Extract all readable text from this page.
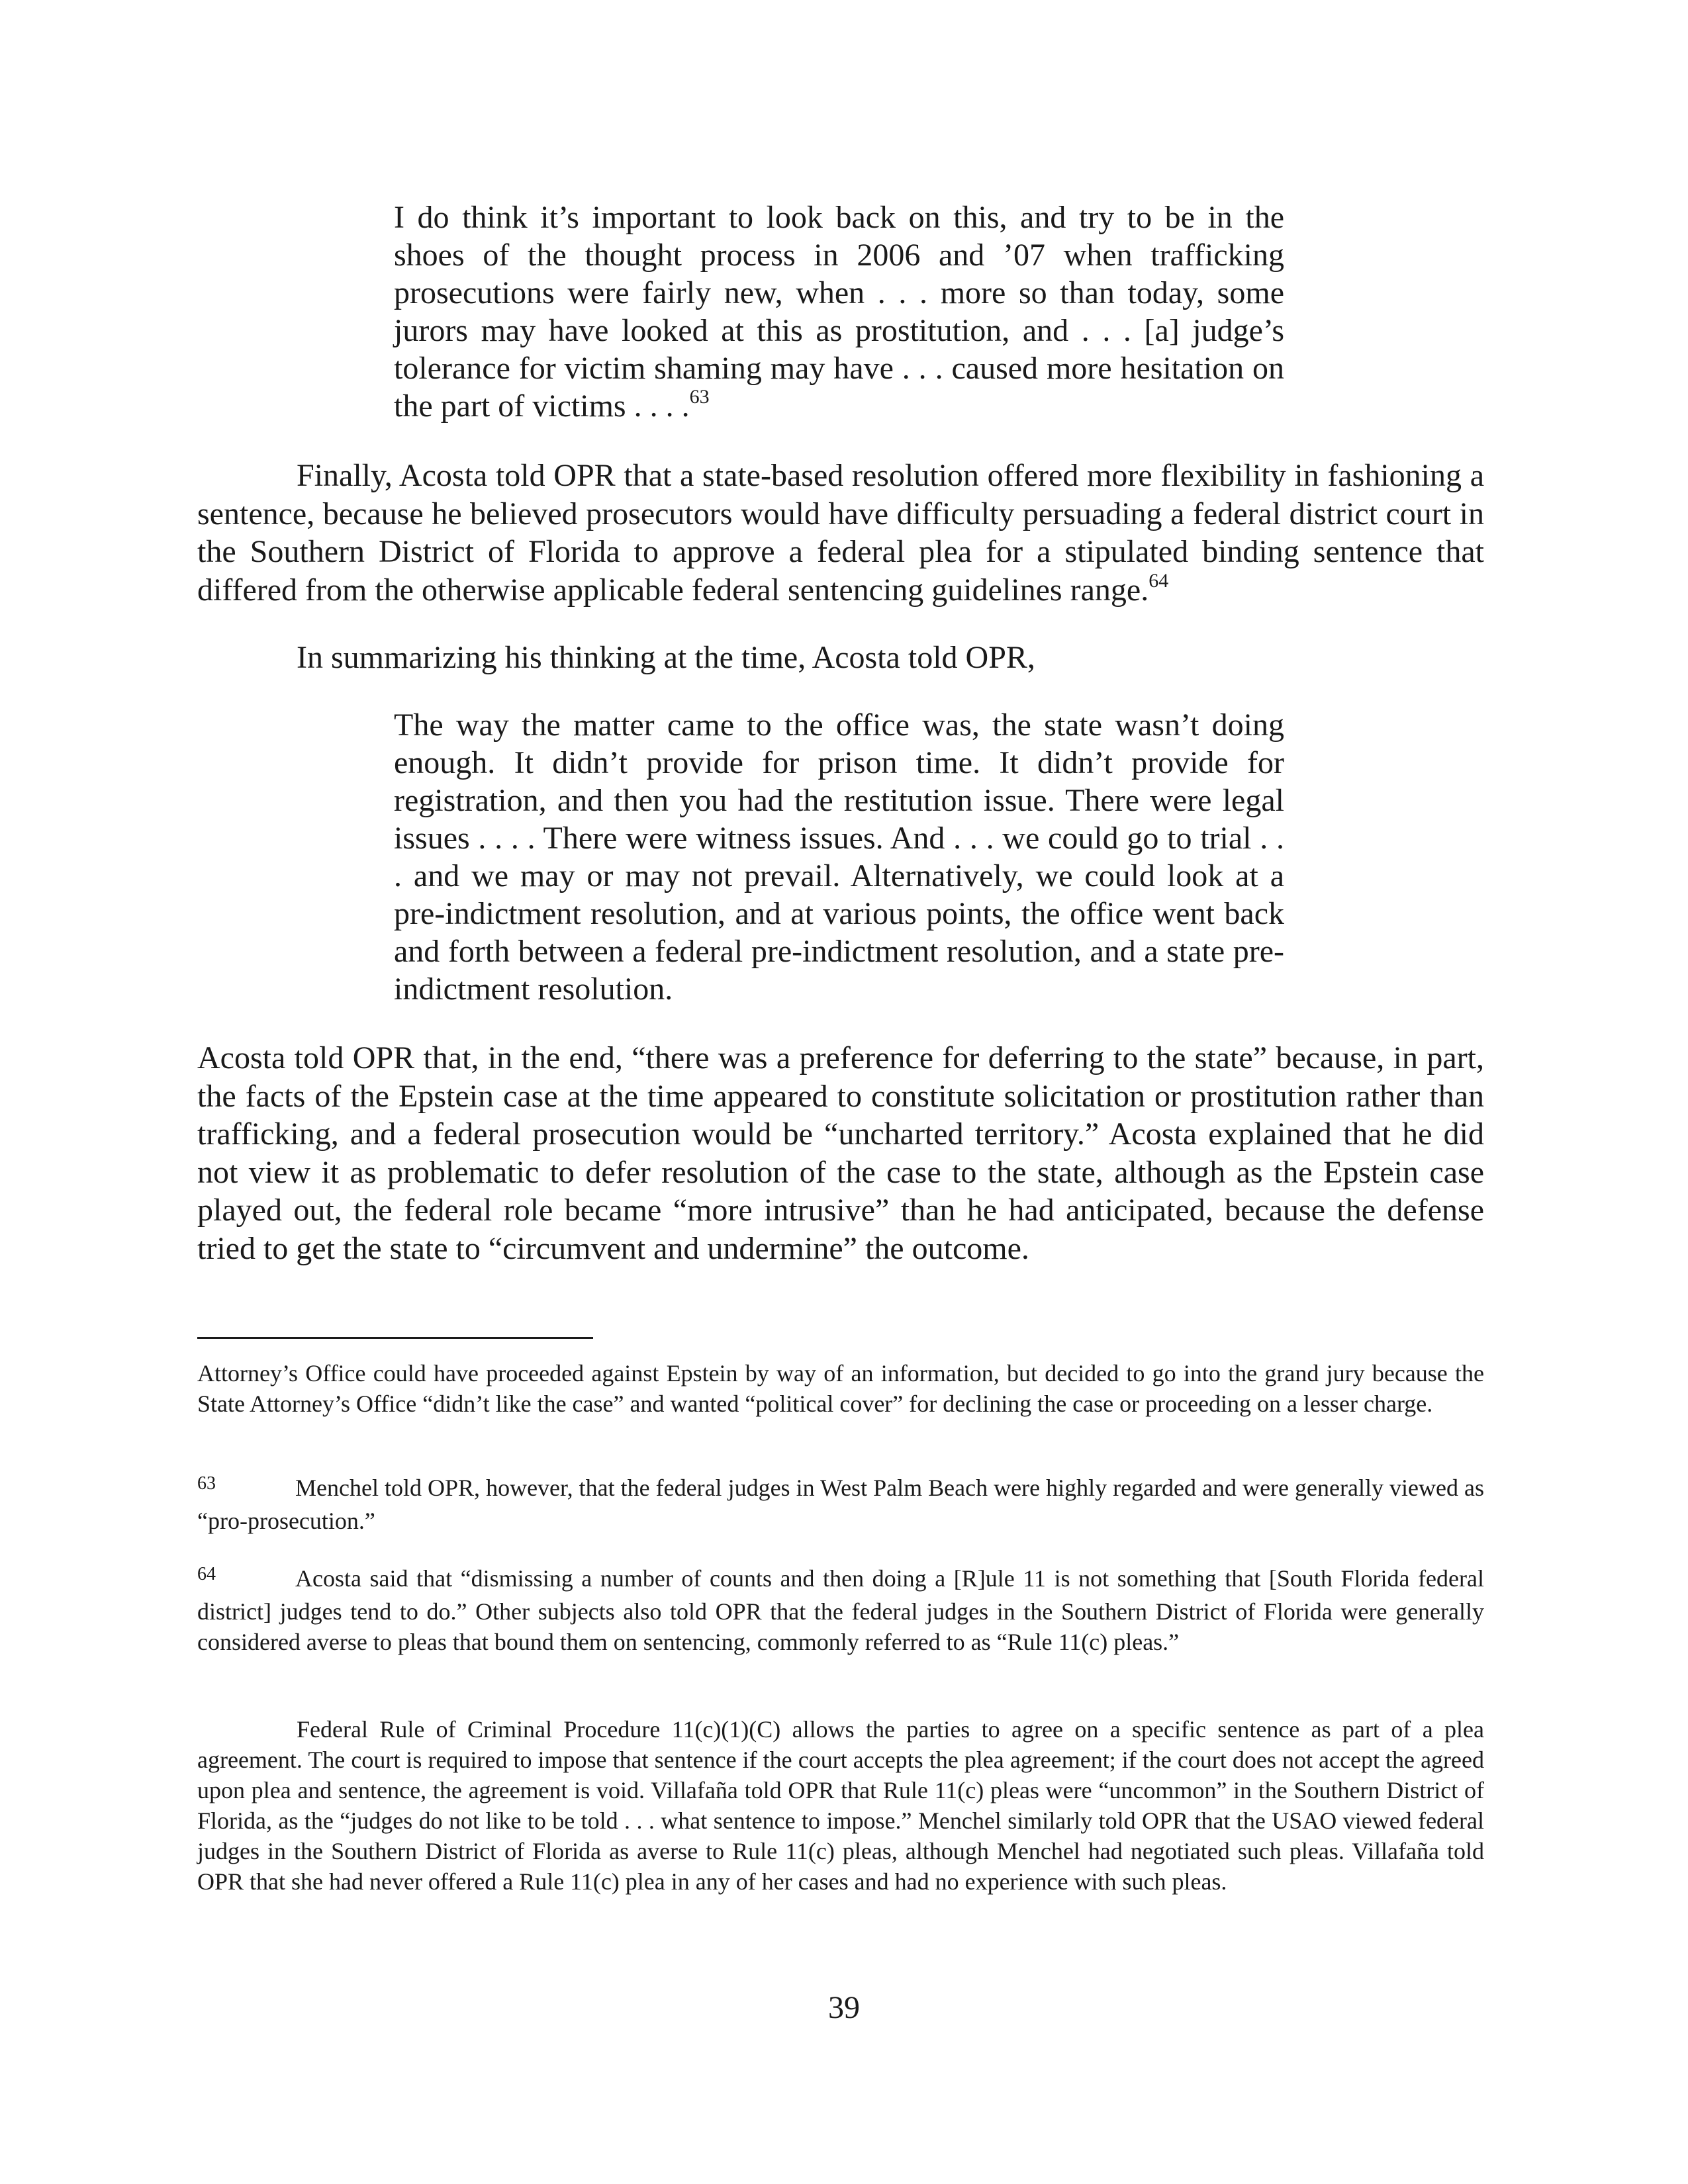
I do think it’s important to look back on this, and try to be in the shoes of the thought process in 2006 and ’07 when trafficking prosecutions were fairly new, when . . . more so than today, some jurors may have looked at this as prostitution, and . . . [a] judge’s tolerance for victim shaming may have . . . caused more hesitation on the part of victims . . . .$^{63}$

Finally, Acosta told OPR that a state-based resolution offered more flexibility in fashioning a sentence, because he believed prosecutors would have difficulty persuading a federal district court in the Southern District of Florida to approve a federal plea for a stipulated binding sentence that differed from the otherwise applicable federal sentencing guidelines range.$^{64}$

In summarizing his thinking at the time, Acosta told OPR,

The way the matter came to the office was, the state wasn’t doing enough. It didn’t provide for prison time. It didn’t provide for registration, and then you had the restitution issue. There were legal issues . . . . There were witness issues. And . . . we could go to trial . . . and we may or may not prevail. Alternatively, we could look at a pre-indictment resolution, and at various points, the office went back and forth between a federal pre-indictment resolution, and a state pre-indictment resolution.

Acosta told OPR that, in the end, “there was a preference for deferring to the state” because, in part, the facts of the Epstein case at the time appeared to constitute solicitation or prostitution rather than trafficking, and a federal prosecution would be “uncharted territory.” Acosta explained that he did not view it as problematic to defer resolution of the case to the state, although as the Epstein case played out, the federal role became “more intrusive” than he had anticipated, because the defense tried to get the state to “circumvent and undermine” the outcome.

Attorney’s Office could have proceeded against Epstein by way of an information, but decided to go into the grand jury because the State Attorney’s Office “didn’t like the case” and wanted “political cover” for declining the case or proceeding on a lesser charge.

63	Menchel told OPR, however, that the federal judges in West Palm Beach were highly regarded and were generally viewed as “pro-prosecution.”

64	Acosta said that “dismissing a number of counts and then doing a [R]ule 11 is not something that [South Florida federal district] judges tend to do.” Other subjects also told OPR that the federal judges in the Southern District of Florida were generally considered averse to pleas that bound them on sentencing, commonly referred to as “Rule 11(c) pleas.”

Federal Rule of Criminal Procedure 11(c)(1)(C) allows the parties to agree on a specific sentence as part of a plea agreement. The court is required to impose that sentence if the court accepts the plea agreement; if the court does not accept the agreed upon plea and sentence, the agreement is void. Villafaña told OPR that Rule 11(c) pleas were “uncommon” in the Southern District of Florida, as the “judges do not like to be told . . . what sentence to impose.” Menchel similarly told OPR that the USAO viewed federal judges in the Southern District of Florida as averse to Rule 11(c) pleas, although Menchel had negotiated such pleas. Villafaña told OPR that she had never offered a Rule 11(c) plea in any of her cases and had no experience with such pleas.

39
